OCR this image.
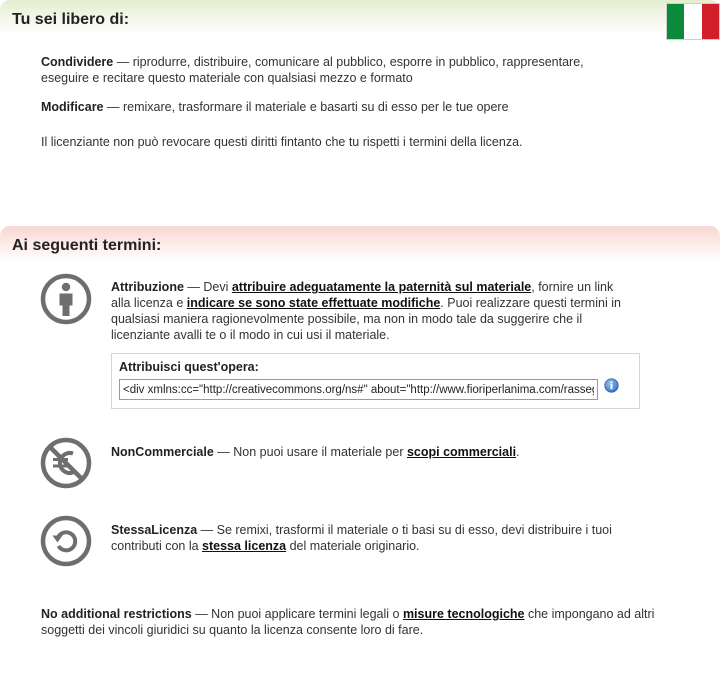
Tu sei libero di:
Condividere — riprodurre, distribuire, comunicare al pubblico, esporre in pubblico, rappresentare, eseguire e recitare questo materiale con qualsiasi mezzo e formato
Modificare — remixare, trasformare il materiale e basarti su di esso per le tue opere
Il licenziante non può revocare questi diritti fintanto che tu rispetti i termini della licenza.
Ai seguenti termini:
Attribuzione — Devi attribuire adeguatamente la paternità sul materiale, fornire un link alla licenza e indicare se sono state effettuate modifiche. Puoi realizzare questi termini in qualsiasi maniera ragionevolmente possibile, ma non in modo tale da suggerire che il licenziante avalli te o il modo in cui usi il materiale.
Attribuisci quest'opera:
<div xmlns:cc="http://creativecommons.org/ns#" about="http://www.fioriperlanima.com/rassegna%2
NonCommerciale — Non puoi usare il materiale per scopi commerciali.
StessaLicenza — Se remixi, trasformi il materiale o ti basi su di esso, devi distribuire i tuoi contributi con la stessa licenza del materiale originario.
No additional restrictions — Non puoi applicare termini legali o misure tecnologiche che impongano ad altri soggetti dei vincoli giuridici su quanto la licenza consente loro di fare.
